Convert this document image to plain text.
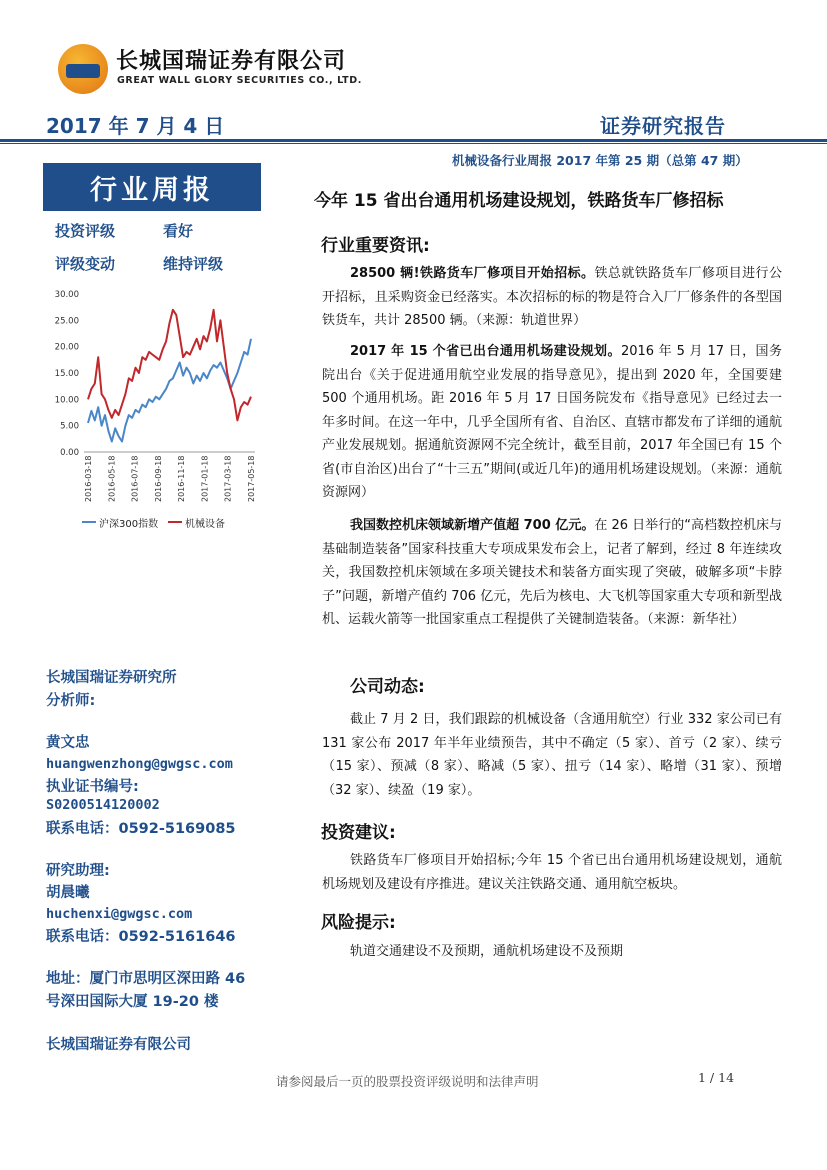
长城国瑞证券有限公司
GREAT WALL GLORY SECURITIES CO., LTD.
2017 年 7 月 4 日	证券研究报告
机械设备行业周报 2017 年第 25 期（总第 47 期）
行业周报
投资评级	看好
评级变动	维持评级
0.00
5.00
10.00
15.00
20.00
25.00
30.00
2016-03-18 2016-05-18 2016-07-18 2016-09-18 2016-11-18 2017-01-18 2017-03-18 2017-05-18
沪深300指数	机械设备
长城国瑞证券研究所
分析师:
黄文忠
huangwenzhong@gwgsc.com
执业证书编号:
S0200514120002
联系电话：0592-5169085
研究助理:
胡晨曦
huchenxi@gwgsc.com
联系电话：0592-5161646
地址：厦门市思明区深田路 46
号深田国际大厦 19-20 楼
长城国瑞证券有限公司
今年 15 省出台通用机场建设规划，铁路货车厂修招标
行业重要资讯:
28500 辆!铁路货车厂修项目开始招标。铁总就铁路货车厂修项目进行公开招标，且采购资金已经落实。本次招标的标的物是符合入厂厂修条件的各型国铁货车，共计 28500 辆。（来源：轨道世界）
2017 年 15 个省已出台通用机场建设规划。2016 年 5 月 17 日，国务院出台《关于促进通用航空业发展的指导意见》，提出到 2020 年，全国要建 500 个通用机场。距 2016 年 5 月 17 日国务院发布《指导意见》已经过去一年多时间。在这一年中，几乎全国所有省、自治区、直辖市都发布了详细的通航产业发展规划。据通航资源网不完全统计，截至目前，2017 年全国已有 15 个省(市自治区)出台了“十三五”期间(或近几年)的通用机场建设规划。（来源：通航资源网）
我国数控机床领域新增产值超 700 亿元。在 26 日举行的“高档数控机床与基础制造装备”国家科技重大专项成果发布会上，记者了解到，经过 8 年连续攻关，我国数控机床领域在多项关键技术和装备方面实现了突破，破解多项“卡脖子”问题，新增产值约 706 亿元，先后为核电、大飞机等国家重大专项和新型战机、运载火箭等一批国家重点工程提供了关键制造装备。（来源：新华社）
公司动态:
截止 7 月 2 日，我们跟踪的机械设备（含通用航空）行业 332 家公司已有 131 家公布 2017 年半年业绩预告，其中不确定（5 家）、首亏（2 家）、续亏（15 家）、预减（8 家）、略减（5 家）、扭亏（14 家）、略增（31 家）、预增（32 家）、续盈（19 家）。
投资建议:
铁路货车厂修项目开始招标;今年 15 个省已出台通用机场建设规划，通航机场规划及建设有序推进。建议关注铁路交通、通用航空板块。
风险提示:
轨道交通建设不及预期，通航机场建设不及预期
请参阅最后一页的股票投资评级说明和法律声明	1 / 14
